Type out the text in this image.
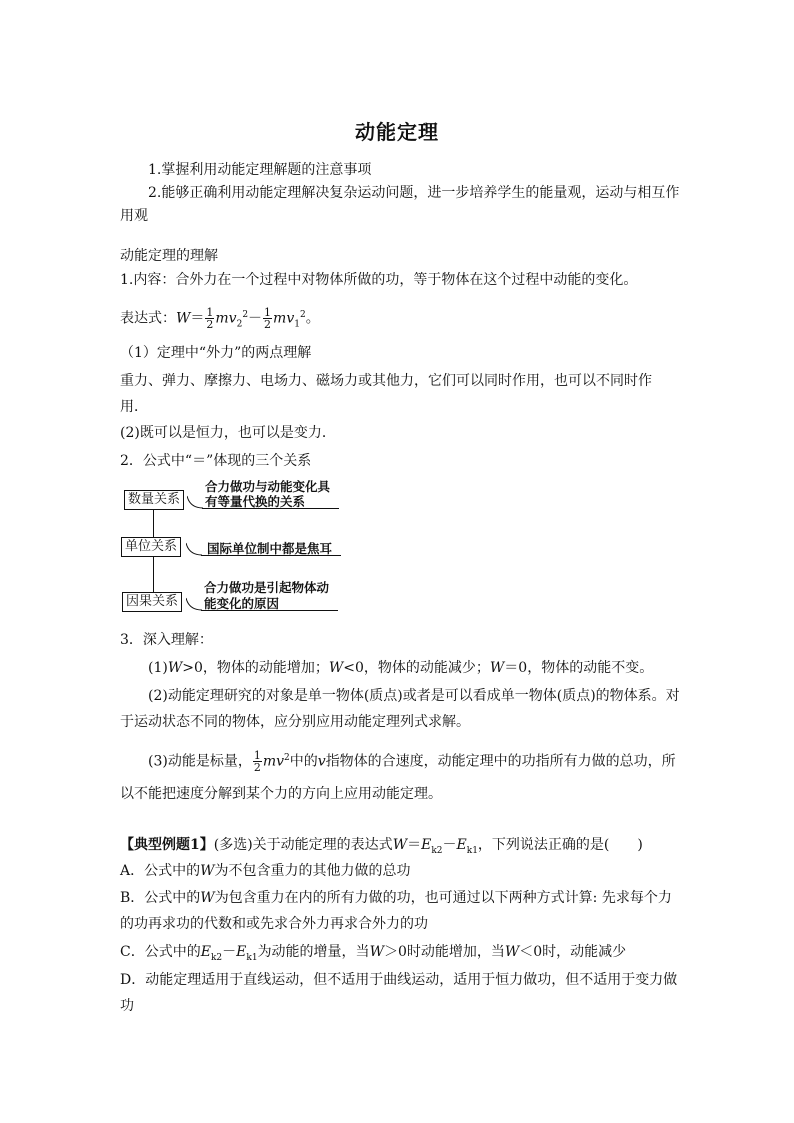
动能定理
1.掌握利用动能定理解题的注意事项
2.能够正确利用动能定理解决复杂运动问题，进一步培养学生的能量观，运动与相互作
用观
动能定理的理解
1.内容：合外力在一个过程中对物体所做的功，等于物体在这个过程中动能的变化。
表达式：$W= \frac{1}{2} mv_2^2- \frac{1}{2} mv_1^2$。
（1）定理中“外力”的两点理解
重力、弹力、摩擦力、电场力、磁场力或其他力，它们可以同时作用，也可以不同时作
用．
(2)既可以是恒力，也可以是变力．
2．公式中“＝”体现的三个关系
数量关系
合力做功与动能变化具
有等量代换的关系
单位关系	国际单位制中都是焦耳
因果关系
合力做功是引起物体动
能变化的原因
3．深入理解：
(1)W>0，物体的动能增加；W<0，物体的动能减少；W＝0，物体的动能不变。
(2)动能定理研究的对象是单一物体(质点)或者是可以看成单一物体(质点)的物体系。对
于运动状态不同的物体，应分别应用动能定理列式求解。
(3)动能是标量， $\frac{1}{2} mv^2$中的v指物体的合速度，动能定理中的功指所有力做的总功，所
以不能把速度分解到某个力的方向上应用动能定理。
【典型例题1】(多选)关于动能定理的表达式$W=E_{k2}-E_{k1}$，下列说法正确的是(　　)
A．公式中的W为不包含重力的其他力做的总功
B．公式中的W为包含重力在内的所有力做的功，也可通过以下两种方式计算: 先求每个力
的功再求功的代数和或先求合外力再求合外力的功
C．公式中的$E_{k2}-E_{k1}$为动能的增量，当W＞0时动能增加，当W＜0时，动能减少
D．动能定理适用于直线运动，但不适用于曲线运动，适用于恒力做功，但不适用于变力做
功
